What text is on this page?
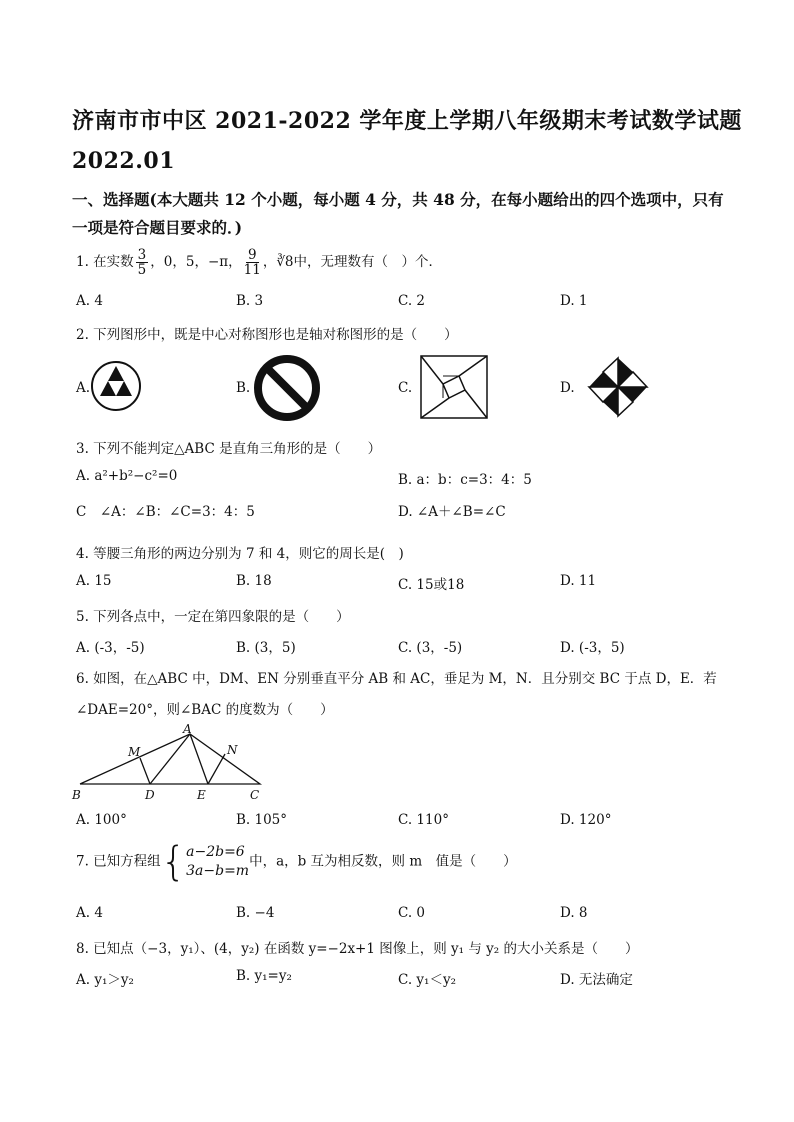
济南市市中区 2021-2022 学年度上学期八年级期末考试数学试题
2022.01
一、选择题(本大题共 12 个小题，每小题 4 分，共 48 分，在每小题给出的四个选项中，只有
一项是符合题目要求的．)
1. 在实数 $\frac{3}{5}$ ，0，5，−π， $\frac{9}{11}$ ，∛8中，无理数有（　）个．
A. 4	B. 3	C. 2	D. 1
2. 下列图形中，既是中心对称图形也是轴对称图形的是（　　）
A.	B.	C.	D.
3. 下列不能判定△ABC 是直角三角形的是（　　）
A. a²+b²−c²=0	B. a：b：c=3：4：5
C　∠A：∠B：∠C=3：4：5	D. ∠A＋∠B=∠C
4. 等腰三角形的两边分别为 7 和 4，则它的周长是(　)
A. 15	B. 18	C. 15或18	D. 11
5. 下列各点中，一定在第四象限的是（　　）
A. (-3，-5)	B. (3，5)	C. (3，-5)	D. (-3，5)
6. 如图，在△ABC 中，DM、EN 分别垂直平分 AB 和 AC，垂足为 M，N．且分别交 BC 于点 D，E．若
∠DAE=20°，则∠BAC 的度数为（　　）
A
M	N
B	D	E	C
A. 100°	B. 105°	C. 110°	D. 120°
7. 已知方程组{ a−2b=6
3a−b=m
中，a，b 互为相反数，则 m　值是（　　）
A. 4	B. −4	C. 0	D. 8
8. 已知点（−3，y₁）、(4，y₂) 在函数 y=−2x+1 图像上，则 y₁ 与 y₂ 的大小关系是（　　）
A. y₁＞y₂	B. y₁=y₂	C. y₁＜y₂	D. 无法确定
